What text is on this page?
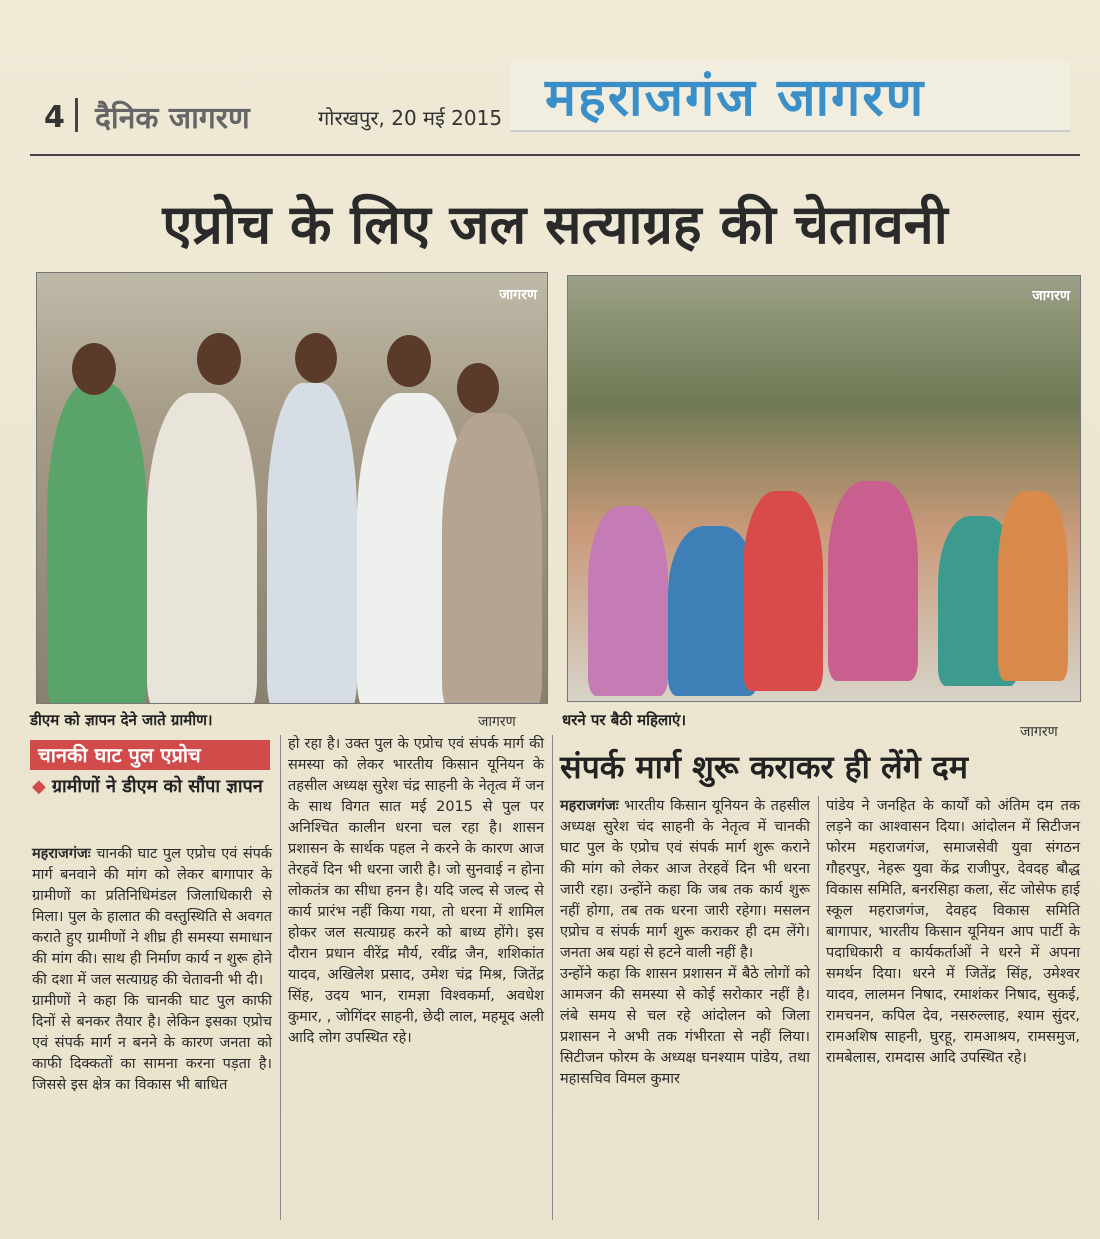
महराजगंज जागरण
4 दैनिक जागरण	गोरखपुर, 20 मई 2015
एप्रोच के लिए जल सत्याग्रह की चेतावनी
जागरण	जागरण
डीएम को ज्ञापन देने जाते ग्रामीण।	जागरण	धरने पर बैठी महिलाएं।
जागरण
चानकी घाट पुल एप्रोच
◆ ग्रामीणों ने डीएम को सौंपा ज्ञापन

महराजगंजः चानकी घाट पुल एप्रोच एवं संपर्क मार्ग बनवाने की मांग को लेकर बागापार के ग्रामीणों का प्रतिनिधिमंडल जिलाधिकारी से मिला। पुल के हालात की वस्तुस्थिति से अवगत कराते हुए ग्रामीणों ने शीघ्र ही समस्या समाधान की मांग की। साथ ही निर्माण कार्य न शुरू होने की दशा में जल सत्याग्रह की चेतावनी भी दी।

ग्रामीणों ने कहा कि चानकी घाट पुल काफी दिनों से बनकर तैयार है। लेकिन इसका एप्रोच एवं संपर्क मार्ग न बनने के कारण जनता को काफी दिक्कतों का सामना करना पड़ता है। जिससे इस क्षेत्र का विकास भी बाधित

हो रहा है। उक्त पुल के एप्रोच एवं संपर्क मार्ग की समस्या को लेकर भारतीय किसान यूनियन के तहसील अध्यक्ष सुरेश चंद्र साहनी के नेतृत्व में जन के साथ विगत सात मई 2015 से पुल पर अनिश्चित कालीन धरना चल रहा है। शासन प्रशासन के सार्थक पहल ने करने के कारण आज तेरहवें दिन भी धरना जारी है। जो सुनवाई न होना लोकतंत्र का सीधा हनन है। यदि जल्द से जल्द से कार्य प्रारंभ नहीं किया गया, तो धरना में शामिल होकर जल सत्याग्रह करने को बाध्य होंगे। इस दौरान प्रधान वीरेंद्र मौर्य, रवींद्र जैन, शशिकांत यादव, अखिलेश प्रसाद, उमेश चंद्र मिश्र, जितेंद्र सिंह, उदय भान, रामज्ञा विश्वकर्मा, अवधेश कुमार, , जोगिंदर साहनी, छेदी लाल, महमूद अली आदि लोग उपस्थित रहे।

संपर्क मार्ग शुरू कराकर ही लेंगे दम

महराजगंजः भारतीय किसान यूनियन के तहसील अध्यक्ष सुरेश चंद साहनी के नेतृत्व में चानकी घाट पुल के एप्रोच एवं संपर्क मार्ग शुरू कराने की मांग को लेकर आज तेरहवें दिन भी धरना जारी रहा। उन्होंने कहा कि जब तक कार्य शुरू नहीं होगा, तब तक धरना जारी रहेगा। मसलन एप्रोच व संपर्क मार्ग शुरू कराकर ही दम लेंगे। जनता अब यहां से हटने वाली नहीं है।

उन्होंने कहा कि शासन प्रशासन में बैठे लोगों को आमजन की समस्या से कोई सरोकार नहीं है। लंबे समय से चल रहे आंदोलन को जिला प्रशासन ने अभी तक गंभीरता से नहीं लिया। सिटीजन फोरम के अध्यक्ष घनश्याम पांडेय, तथा महासचिव विमल कुमार

पांडेय ने जनहित के कार्यों को अंतिम दम तक लड़ने का आश्वासन दिया। आंदोलन में सिटीजन फोरम महराजगंज, समाजसेवी युवा संगठन गौहरपुर, नेहरू युवा केंद्र राजीपुर, देवदह बौद्ध विकास समिति, बनरसिहा कला, सेंट जोसेफ हाई स्कूल महराजगंज, देवहद विकास समिति बागापार, भारतीय किसान यूनियन आप पार्टी के पदाधिकारी व कार्यकर्ताओं ने धरने में अपना समर्थन दिया। धरने में जितेंद्र सिंह, उमेश्वर यादव, लालमन निषाद, रमाशंकर निषाद, सुकई, रामचनन, कपिल देव, नसरुल्लाह, श्याम सुंदर, रामअशिष साहनी, घुरहू, रामआश्रय, रामसमुज, रामबेलास, रामदास आदि उपस्थित रहे।
